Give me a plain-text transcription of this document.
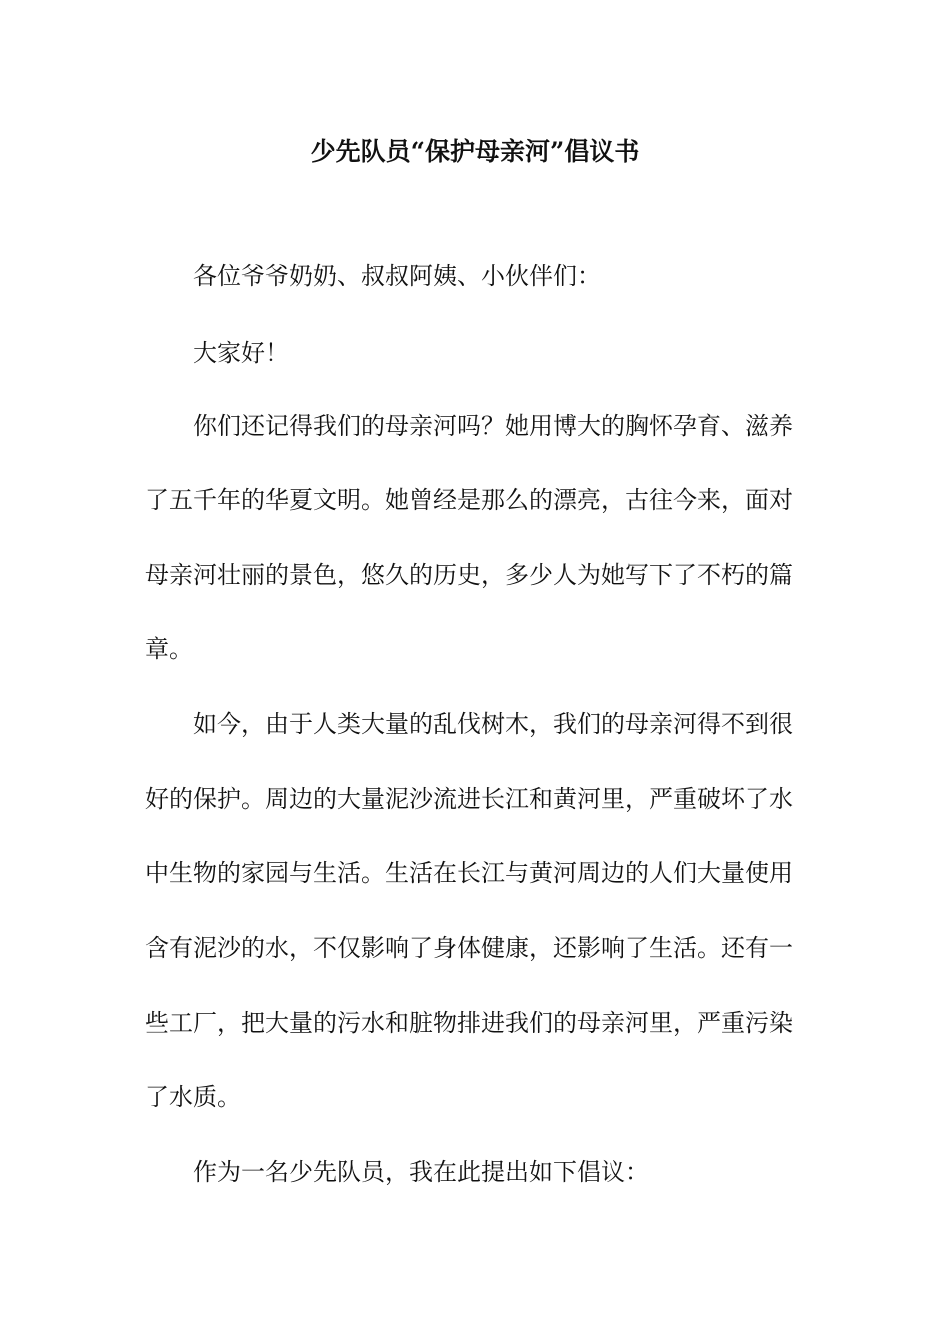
少先队员“保护母亲河”倡议书
各位爷爷奶奶、叔叔阿姨、小伙伴们：
大家好！
你们还记得我们的母亲河吗？她用博大的胸怀孕育、滋养
了五千年的华夏文明。她曾经是那么的漂亮，古往今来，面对
母亲河壮丽的景色，悠久的历史，多少人为她写下了不朽的篇
章。
如今，由于人类大量的乱伐树木，我们的母亲河得不到很
好的保护。周边的大量泥沙流进长江和黄河里，严重破坏了水
中生物的家园与生活。生活在长江与黄河周边的人们大量使用
含有泥沙的水，不仅影响了身体健康，还影响了生活。还有一
些工厂，把大量的污水和脏物排进我们的母亲河里，严重污染
了水质。
作为一名少先队员，我在此提出如下倡议：
